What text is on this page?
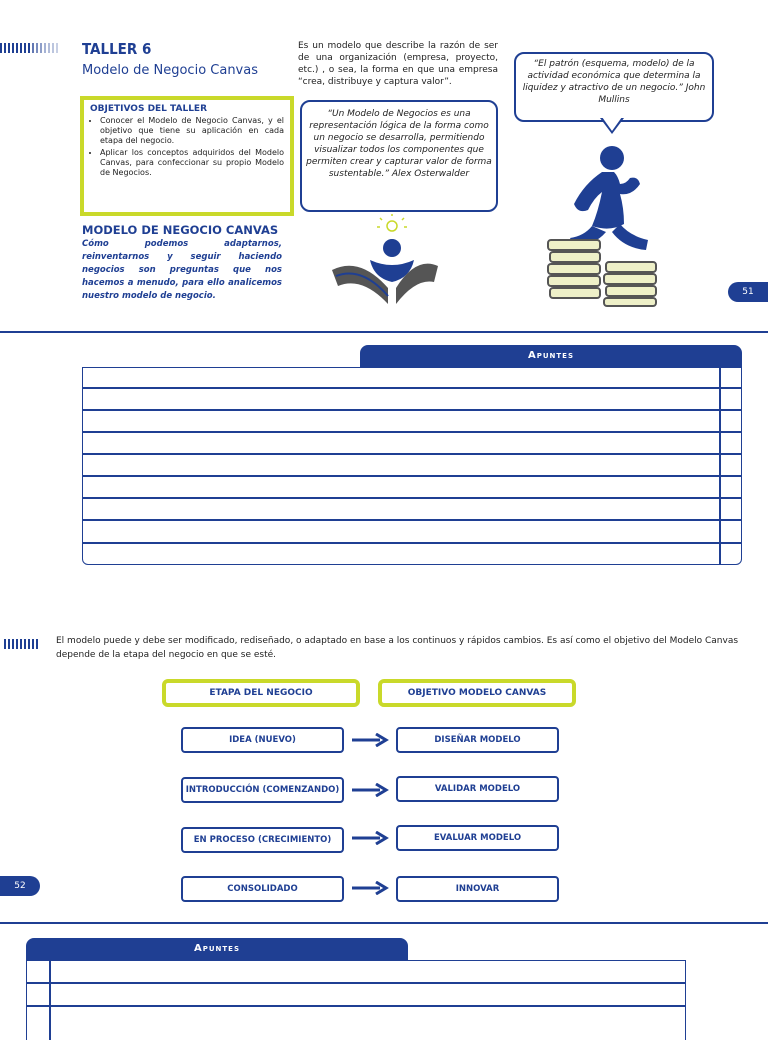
TALLER 6
Modelo de Negocio Canvas
OBJETIVOS DEL TALLER
• Conocer el Modelo de Negocio Canvas, y el objetivo que tiene su aplicación en cada etapa del negocio.
• Aplicar los conceptos adquiridos del Modelo Canvas, para confeccionar su propio Modelo de Negocios.
MODELO DE NEGOCIO CANVAS
Cómo podemos adaptarnos, reinventarnos y seguir haciendo negocios son preguntas que nos hacemos a menudo, para ello analicemos nuestro modelo de negocio.
Es un modelo que describe la razón de ser de una organización (empresa, proyecto, etc.) , o sea, la forma en que una empresa “crea, distribuye y captura valor”.
“Un Modelo de Negocios es una representación lógica de la forma como un negocio se desarrolla, permitiendo visualizar todos los componentes que permiten crear y capturar valor de forma sustentable.” Alex Osterwalder
“El patrón (esquema, modelo) de la actividad económica que determina la liquidez y atractivo de un negocio.” John Mullins
51
Apuntes
El modelo puede y debe ser modificado, rediseñado, o adaptado en base a los continuos y rápidos cambios. Es así como el objetivo del Modelo Canvas depende de la etapa del negocio en que se esté.
ETAPA DEL NEGOCIO	OBJETIVO MODELO CANVAS
IDEA (NUEVO)	DISEÑAR MODELO
INTRODUCCIÓN (COMENZANDO)	VALIDAR MODELO
EN PROCESO (CRECIMIENTO)	EVALUAR MODELO
CONSOLIDADO	INNOVAR
52
Apuntes
